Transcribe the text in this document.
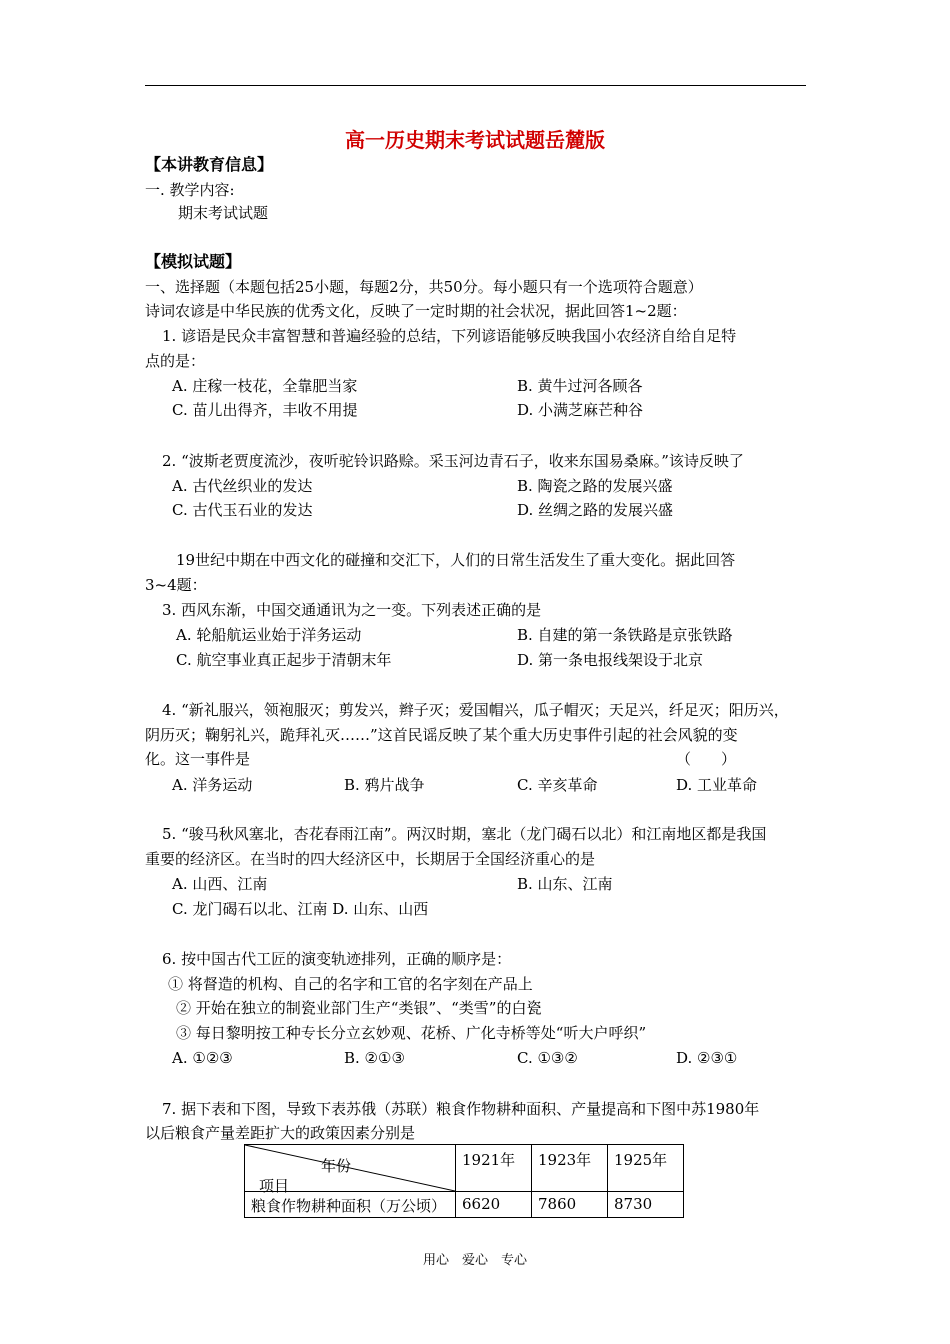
高一历史期末考试试题岳麓版
【本讲教育信息】
一. 教学内容:
期末考试试题
【模拟试题】
一、选择题（本题包括25小题，每题2分，共50分。每小题只有一个选项符合题意）
诗词农谚是中华民族的优秀文化，反映了一定时期的社会状况，据此回答1~2题：
1. 谚语是民众丰富智慧和普遍经验的总结，下列谚语能够反映我国小农经济自给自足特
点的是：
A. 庄稼一枝花，全靠肥当家	B. 黄牛过河各顾各
C. 苗儿出得齐，丰收不用提	D. 小满芝麻芒种谷
2. “波斯老贾度流沙，夜听驼铃识路赊。采玉河边青石子，收来东国易桑麻。”该诗反映了
A. 古代丝织业的发达	B. 陶瓷之路的发展兴盛
C. 古代玉石业的发达	D. 丝绸之路的发展兴盛
19世纪中期在中西文化的碰撞和交汇下，人们的日常生活发生了重大变化。据此回答
3~4题：
3. 西风东渐，中国交通通讯为之一变。下列表述正确的是
A. 轮船航运业始于洋务运动	B. 自建的第一条铁路是京张铁路
C. 航空事业真正起步于清朝末年	D. 第一条电报线架设于北京
4. “新礼服兴，领袍服灭；剪发兴，辫子灭；爱国帽兴，瓜子帽灭；天足兴，纤足灭；阳历兴，
阴历灭；鞠躬礼兴，跪拜礼灭……”这首民谣反映了某个重大历史事件引起的社会风貌的变
化。这一事件是	（　　）
A. 洋务运动	B. 鸦片战争	C. 辛亥革命	D. 工业革命
5. “骏马秋风塞北，杏花春雨江南”。两汉时期，塞北（龙门碣石以北）和江南地区都是我国
重要的经济区。在当时的四大经济区中，长期居于全国经济重心的是
A. 山西、江南	B. 山东、江南
C. 龙门碣石以北、江南 D. 山东、山西
6. 按中国古代工匠的演变轨迹排列，正确的顺序是：
① 将督造的机构、自己的名字和工官的名字刻在产品上
② 开始在独立的制瓷业部门生产“类银”、“类雪”的白瓷
③ 每日黎明按工种专长分立玄妙观、花桥、广化寺桥等处“听大户呼织”
A. ①②③	B. ②①③	C. ①③②	D. ②③①
7. 据下表和下图，导致下表苏俄（苏联）粮食作物耕种面积、产量提高和下图中苏1980年
以后粮食产量差距扩大的政策因素分别是
年份
项目	1921年	1923年	1925年
粮食作物耕种面积（万公顷）	6620	7860	8730
用心　爱心　专心
